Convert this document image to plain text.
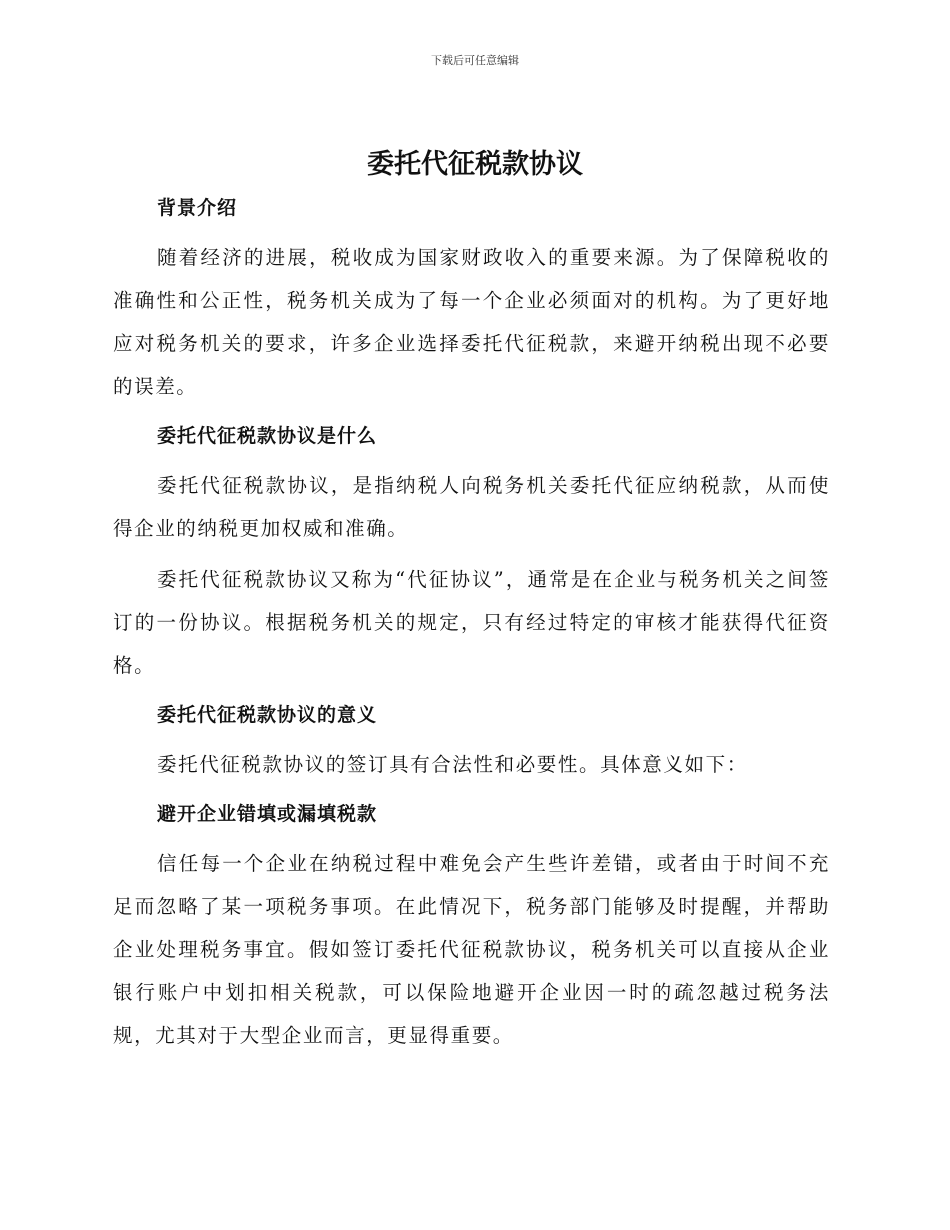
下载后可任意编辑
委托代征税款协议
背景介绍

随着经济的进展，税收成为国家财政收入的重要来源。为了保障税收的准确性和公正性，税务机关成为了每一个企业必须面对的机构。为了更好地应对税务机关的要求，许多企业选择委托代征税款，来避开纳税出现不必要的误差。

委托代征税款协议是什么

委托代征税款协议，是指纳税人向税务机关委托代征应纳税款，从而使得企业的纳税更加权威和准确。

委托代征税款协议又称为“代征协议”，通常是在企业与税务机关之间签订的一份协议。根据税务机关的规定，只有经过特定的审核才能获得代征资格。

委托代征税款协议的意义

委托代征税款协议的签订具有合法性和必要性。具体意义如下：

避开企业错填或漏填税款

信任每一个企业在纳税过程中难免会产生些许差错，或者由于时间不充足而忽略了某一项税务事项。在此情况下，税务部门能够及时提醒，并帮助企业处理税务事宜。假如签订委托代征税款协议，税务机关可以直接从企业银行账户中划扣相关税款，可以保险地避开企业因一时的疏忽越过税务法规，尤其对于大型企业而言，更显得重要。
